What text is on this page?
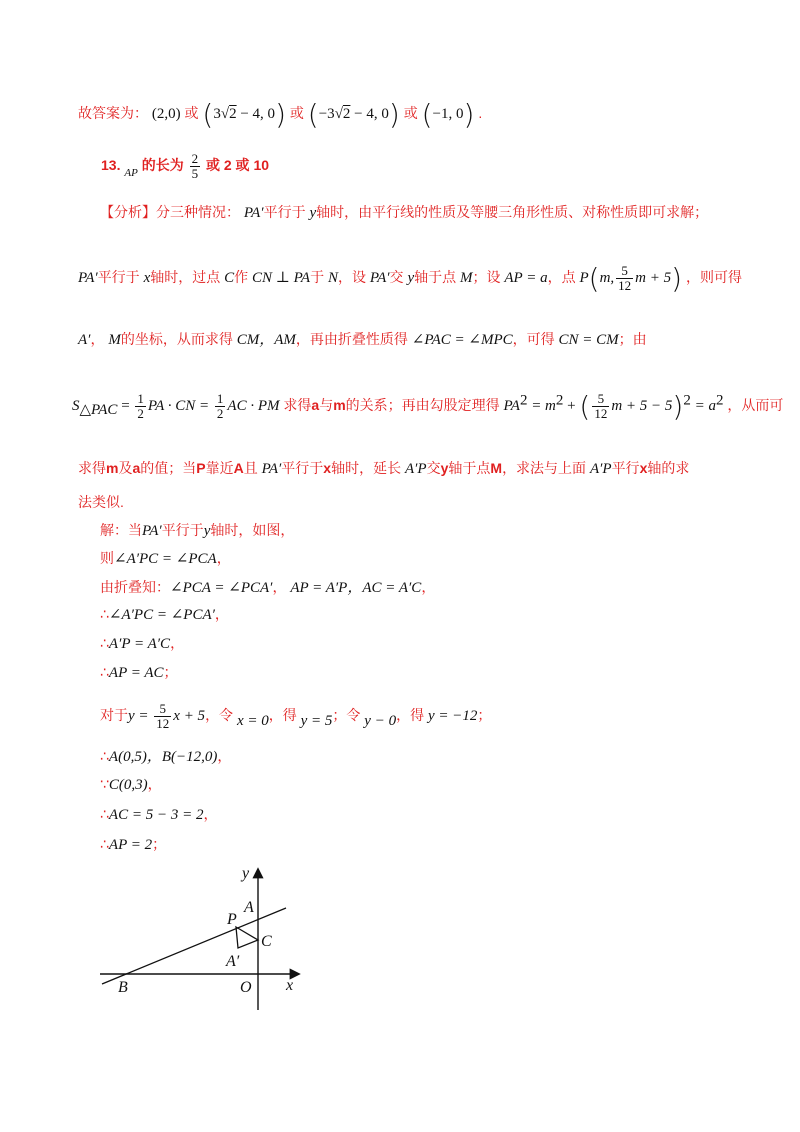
故答案为： (2,0) 或 (3√2 − 4, 0) 或 (−3√2 − 4, 0) 或 (−1, 0) .
13. $_{AP}$ 的长为 $\frac{2}{5}$ 或 2 或 10
【分析】分三种情况： PA′平行于 y轴时，由平行线的性质及等腰三角形性质、对称性质即可求解；
PA′平行于 x轴时，过点 C作 CN ⊥ PA于 N，设 PA′交 y轴于点 M；设 AP = a，点 P(m, $\frac{5}{12}$ m + 5) ，则可得
A′， M的坐标，从而求得 CM，AM，再由折叠性质得 ∠PAC = ∠MPC，可得 CN = CM；由
$S_{\triangle PAC} = \frac{1}{2}$ PA · CN = $\frac{1}{2}$ AC · PM 求得a与m的关系；再由勾股定理得 $PA^2 = m^2$ + ( $\frac{5}{12}$ $m + 5 - 5)^2 = a^2$ ，从而可
求得m及a的值；当P靠近A且 PA′平行于x轴时，延长 A′P交y轴于点M，求法与上面 A′P平行x轴的求
法类似.
解：当PA′平行于y轴时，如图，
则∠A′PC = ∠PCA，
由折叠知：∠PCA = ∠PCA′， AP = A′P，AC = A′C，
∴∠A′PC = ∠PCA′，
∴A′P = A′C，
∴AP = AC；
对于$y = \frac{5}{12}$ x + 5，令 x = 0，得 y = 5；令 y − 0，得 y = −12；
∴A(0,5)，B(−12,0)，
∵C(0,3)，
∴AC = 5 − 3 = 2，
∴AP = 2；
y
x
A
P
C
A′
B	O
